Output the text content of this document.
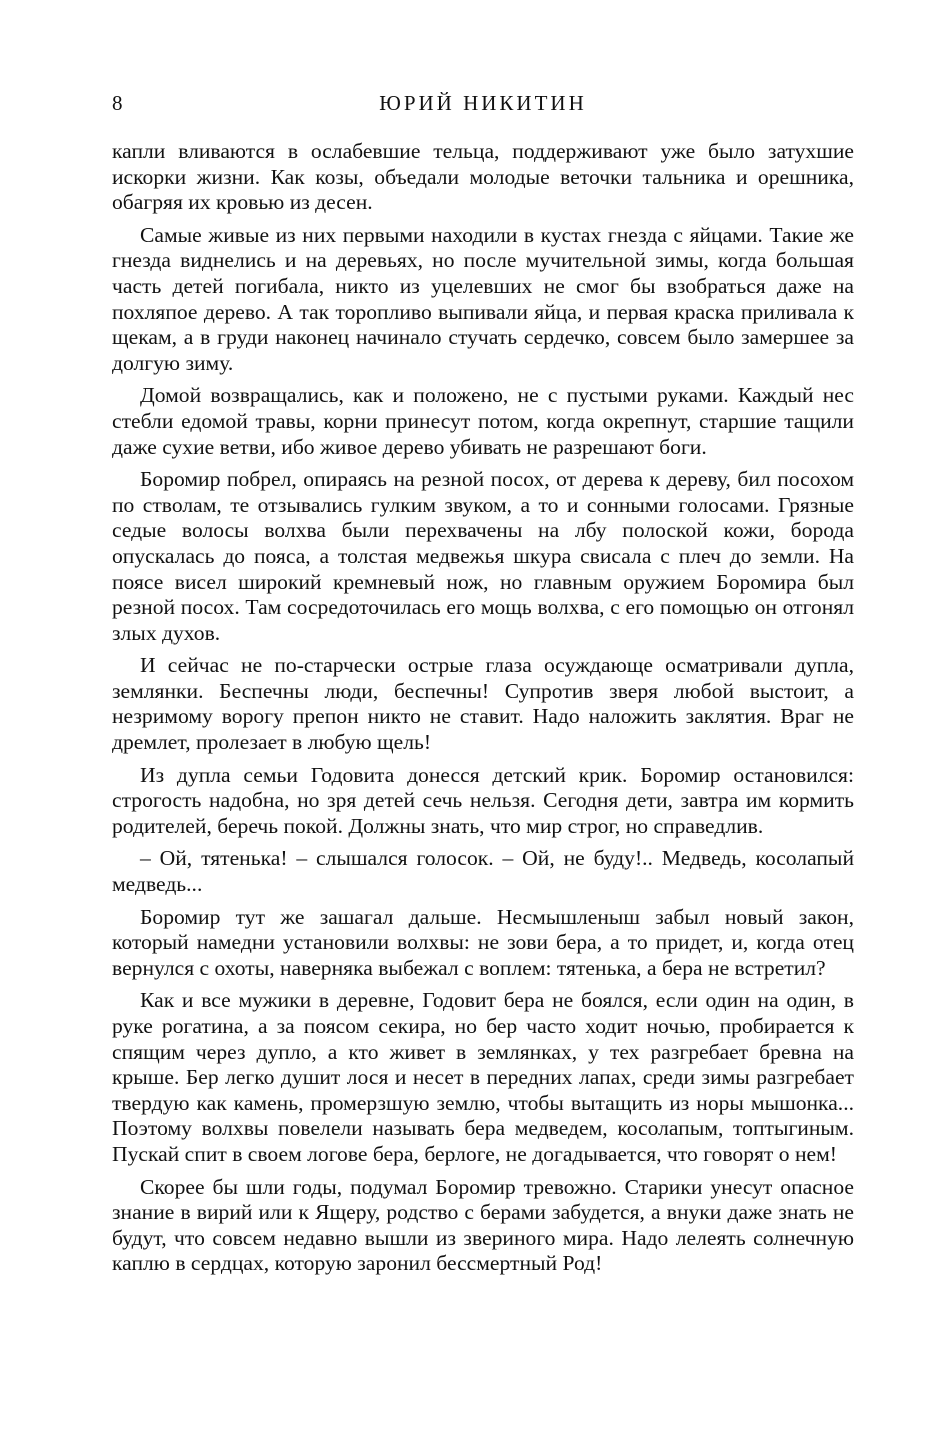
8	ЮРИЙ НИКИТИН

капли вливаются в ослабевшие тельца, поддерживают уже было затухшие искорки жизни. Как козы, объедали молодые веточки тальника и орешника, обагряя их кровью из десен.

Самые живые из них первыми находили в кустах гнезда с яйцами. Такие же гнезда виднелись и на деревьях, но после мучительной зимы, когда большая часть детей погибала, никто из уцелевших не смог бы взобраться даже на похляпое дерево. А так торопливо выпивали яйца, и первая краска приливала к щекам, а в груди наконец начинало стучать сердечко, совсем было замершее за долгую зиму.

Домой возвращались, как и положено, не с пустыми руками. Каждый нес стебли едомой травы, корни принесут потом, когда окрепнут, старшие тащили даже сухие ветви, ибо живое дерево убивать не разрешают боги.

Боромир побрел, опираясь на резной посох, от дерева к дереву, бил посохом по стволам, те отзывались гулким звуком, а то и сонными голосами. Грязные седые волосы волхва были перехвачены на лбу полоской кожи, борода опускалась до пояса, а толстая медвежья шкура свисала с плеч до земли. На поясе висел широкий кремневый нож, но главным оружием Боромира был резной посох. Там сосредоточилась его мощь волхва, с его помощью он отгонял злых духов.

И сейчас не по-старчески острые глаза осуждающе осматривали дупла, землянки. Беспечны люди, беспечны! Супротив зверя любой выстоит, а незримому ворогу препон никто не ставит. Надо наложить заклятия. Враг не дремлет, пролезает в любую щель!

Из дупла семьи Годовита донесся детский крик. Боромир остановился: строгость надобна, но зря детей сечь нельзя. Сегодня дети, завтра им кормить родителей, беречь покой. Должны знать, что мир строг, но справедлив.

– Ой, тятенька! – слышался голосок. – Ой, не буду!.. Медведь, косолапый медведь...

Боромир тут же зашагал дальше. Несмышленыш забыл новый закон, который намедни установили волхвы: не зови бера, а то придет, и, когда отец вернулся с охоты, наверняка выбежал с воплем: тятенька, а бера не встретил?

Как и все мужики в деревне, Годовит бера не боялся, если один на один, в руке рогатина, а за поясом секира, но бер часто ходит ночью, пробирается к спящим через дупло, а кто живет в землянках, у тех разгребает бревна на крыше. Бер легко душит лося и несет в передних лапах, среди зимы разгребает твердую как камень, промерзшую землю, чтобы вытащить из норы мышонка... Поэтому волхвы повелели называть бера медведем, косолапым, топтыгиным. Пускай спит в своем логове бера, берлоге, не догадывается, что говорят о нем!

Скорее бы шли годы, подумал Боромир тревожно. Старики унесут опасное знание в вирий или к Ящеру, родство с берами забудется, а внуки даже знать не будут, что совсем недавно вышли из звериного мира. Надо лелеять солнечную каплю в сердцах, которую заронил бессмертный Род!
